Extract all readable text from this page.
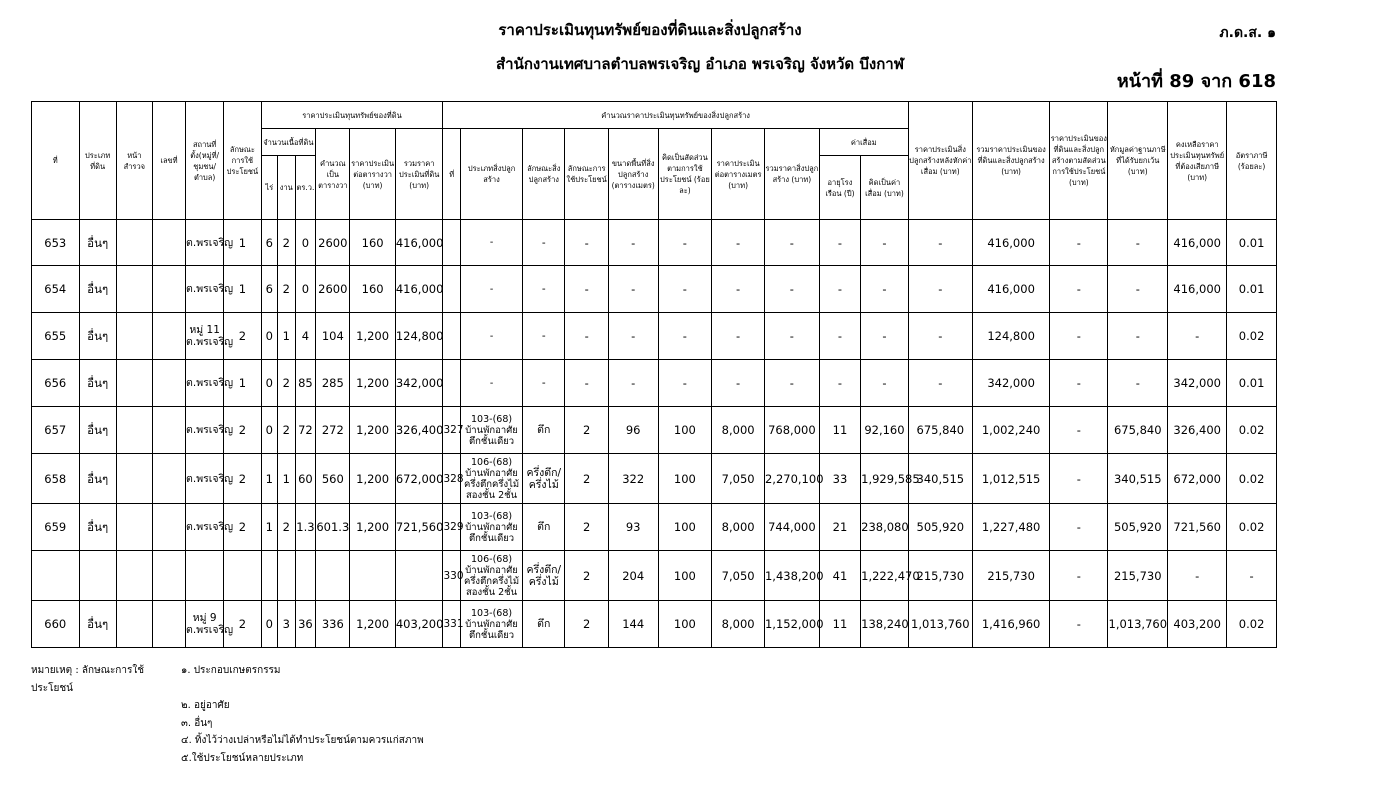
ราคาประเมินทุนทรัพย์ของที่ดินและสิ่งปลูกสร้าง
สำนักงานเทศบาลตำบลพรเจริญ อำเภอ พรเจริญ จังหวัด บึงกาฬ
ภ.ด.ส. ๑
หน้าที่ 89 จาก 618
ที่	ประเภทที่ดิน	หน้าสำรวจ	เลขที่	สถานที่ตั้ง(หมู่ที่/ชุมชน/ตำบล)	ลักษณะการใช้ประโยชน์	ราคาประเมินทุนทรัพย์ของที่ดิน						คำนวณราคาประเมินทุนทรัพย์ของสิ่งปลูกสร้าง										ราคาประเมินสิ่งปลูกสร้างหลังหักค่าเสื่อม (บาท)	รวมราคาประเมินของที่ดินและสิ่งปลูกสร้าง (บาท)	ราคาประเมินของที่ดินและสิ่งปลูกสร้างตามสัดส่วนการใช้ประโยชน์ (บาท)	หักมูลค่าฐานภาษีที่ได้รับยกเว้น (บาท)	คงเหลือราคาประเมินทุนทรัพย์ที่ต้องเสียภาษี (บาท)	อัตราภาษี (ร้อยละ)
						จำนวนเนื้อที่ดิน			คำนวณเป็นตารางวา	ราคาประเมินต่อตารางวา (บาท)	รวมราคาประเมินที่ดิน (บาท)	ที่	ประเภทสิ่งปลูกสร้าง	ลักษณะสิ่งปลูกสร้าง	ลักษณะการใช้ประโยชน์	ขนาดพื้นที่สิ่งปลูกสร้าง (ตารางเมตร)	คิดเป็นสัดส่วนตามการใช้ประโยชน์ (ร้อยละ)	ราคาประเมินต่อตารางเมตร (บาท)	รวมราคาสิ่งปลูกสร้าง (บาท)	ค่าเสื่อม							
						ไร่	งาน	ตร.ว.												อายุโรงเรือน (ปี)	คิดเป็นค่าเสื่อม (บาท)						
653	อื่นๆ			ต.พรเจริญ	1	6	2	0	2600	160	416,000		-	-	-	-	-	-	-	-	-	-	416,000	-	-	416,000	0.01
654	อื่นๆ			ต.พรเจริญ	1	6	2	0	2600	160	416,000		-	-	-	-	-	-	-	-	-	-	416,000	-	-	416,000	0.01
655	อื่นๆ			หมู่ 11 ต.พรเจริญ	2	0	1	4	104	1,200	124,800		-	-	-	-	-	-	-	-	-	-	124,800	-	-	-	0.02
656	อื่นๆ			ต.พรเจริญ	1	0	2	85	285	1,200	342,000		-	-	-	-	-	-	-	-	-	-	342,000	-	-	342,000	0.01
657	อื่นๆ			ต.พรเจริญ	2	0	2	72	272	1,200	326,400	327	103-(68) บ้านพักอาศัยตึกชั้นเดียว	ตึก	2	96	100	8,000	768,000	11	92,160	675,840	1,002,240	-	675,840	326,400	0.02
658	อื่นๆ			ต.พรเจริญ	2	1	1	60	560	1,200	672,000	328	106-(68) บ้านพักอาศัยครึ่งตึกครึ่งไม้สองชั้น 2ชั้น	ครึ่งตึก/ครึ่งไม้	2	322	100	7,050	2,270,100	33	1,929,585	340,515	1,012,515	-	340,515	672,000	0.02
659	อื่นๆ			ต.พรเจริญ	2	1	2	1.3	601.3	1,200	721,560	329	103-(68) บ้านพักอาศัยตึกชั้นเดียว	ตึก	2	93	100	8,000	744,000	21	238,080	505,920	1,227,480	-	505,920	721,560	0.02
												330	106-(68) บ้านพักอาศัยครึ่งตึกครึ่งไม้สองชั้น 2ชั้น	ครึ่งตึก/ครึ่งไม้	2	204	100	7,050	1,438,200	41	1,222,470	215,730	215,730	-	215,730	-	-
660	อื่นๆ			หมู่ 9 ต.พรเจริญ	2	0	3	36	336	1,200	403,200	331	103-(68) บ้านพักอาศัยตึกชั้นเดียว	ตึก	2	144	100	8,000	1,152,000	11	138,240	1,013,760	1,416,960	-	1,013,760	403,200	0.02
หมายเหตุ : ลักษณะการใช้ประโยชน์
๑. ประกอบเกษตรกรรม
๒. อยู่อาศัย
๓. อื่นๆ
๔. ทิ้งไว้ว่างเปล่าหรือไม่ได้ทำประโยชน์ตามควรแก่สภาพ
๕.ใช้ประโยชน์หลายประเภท
